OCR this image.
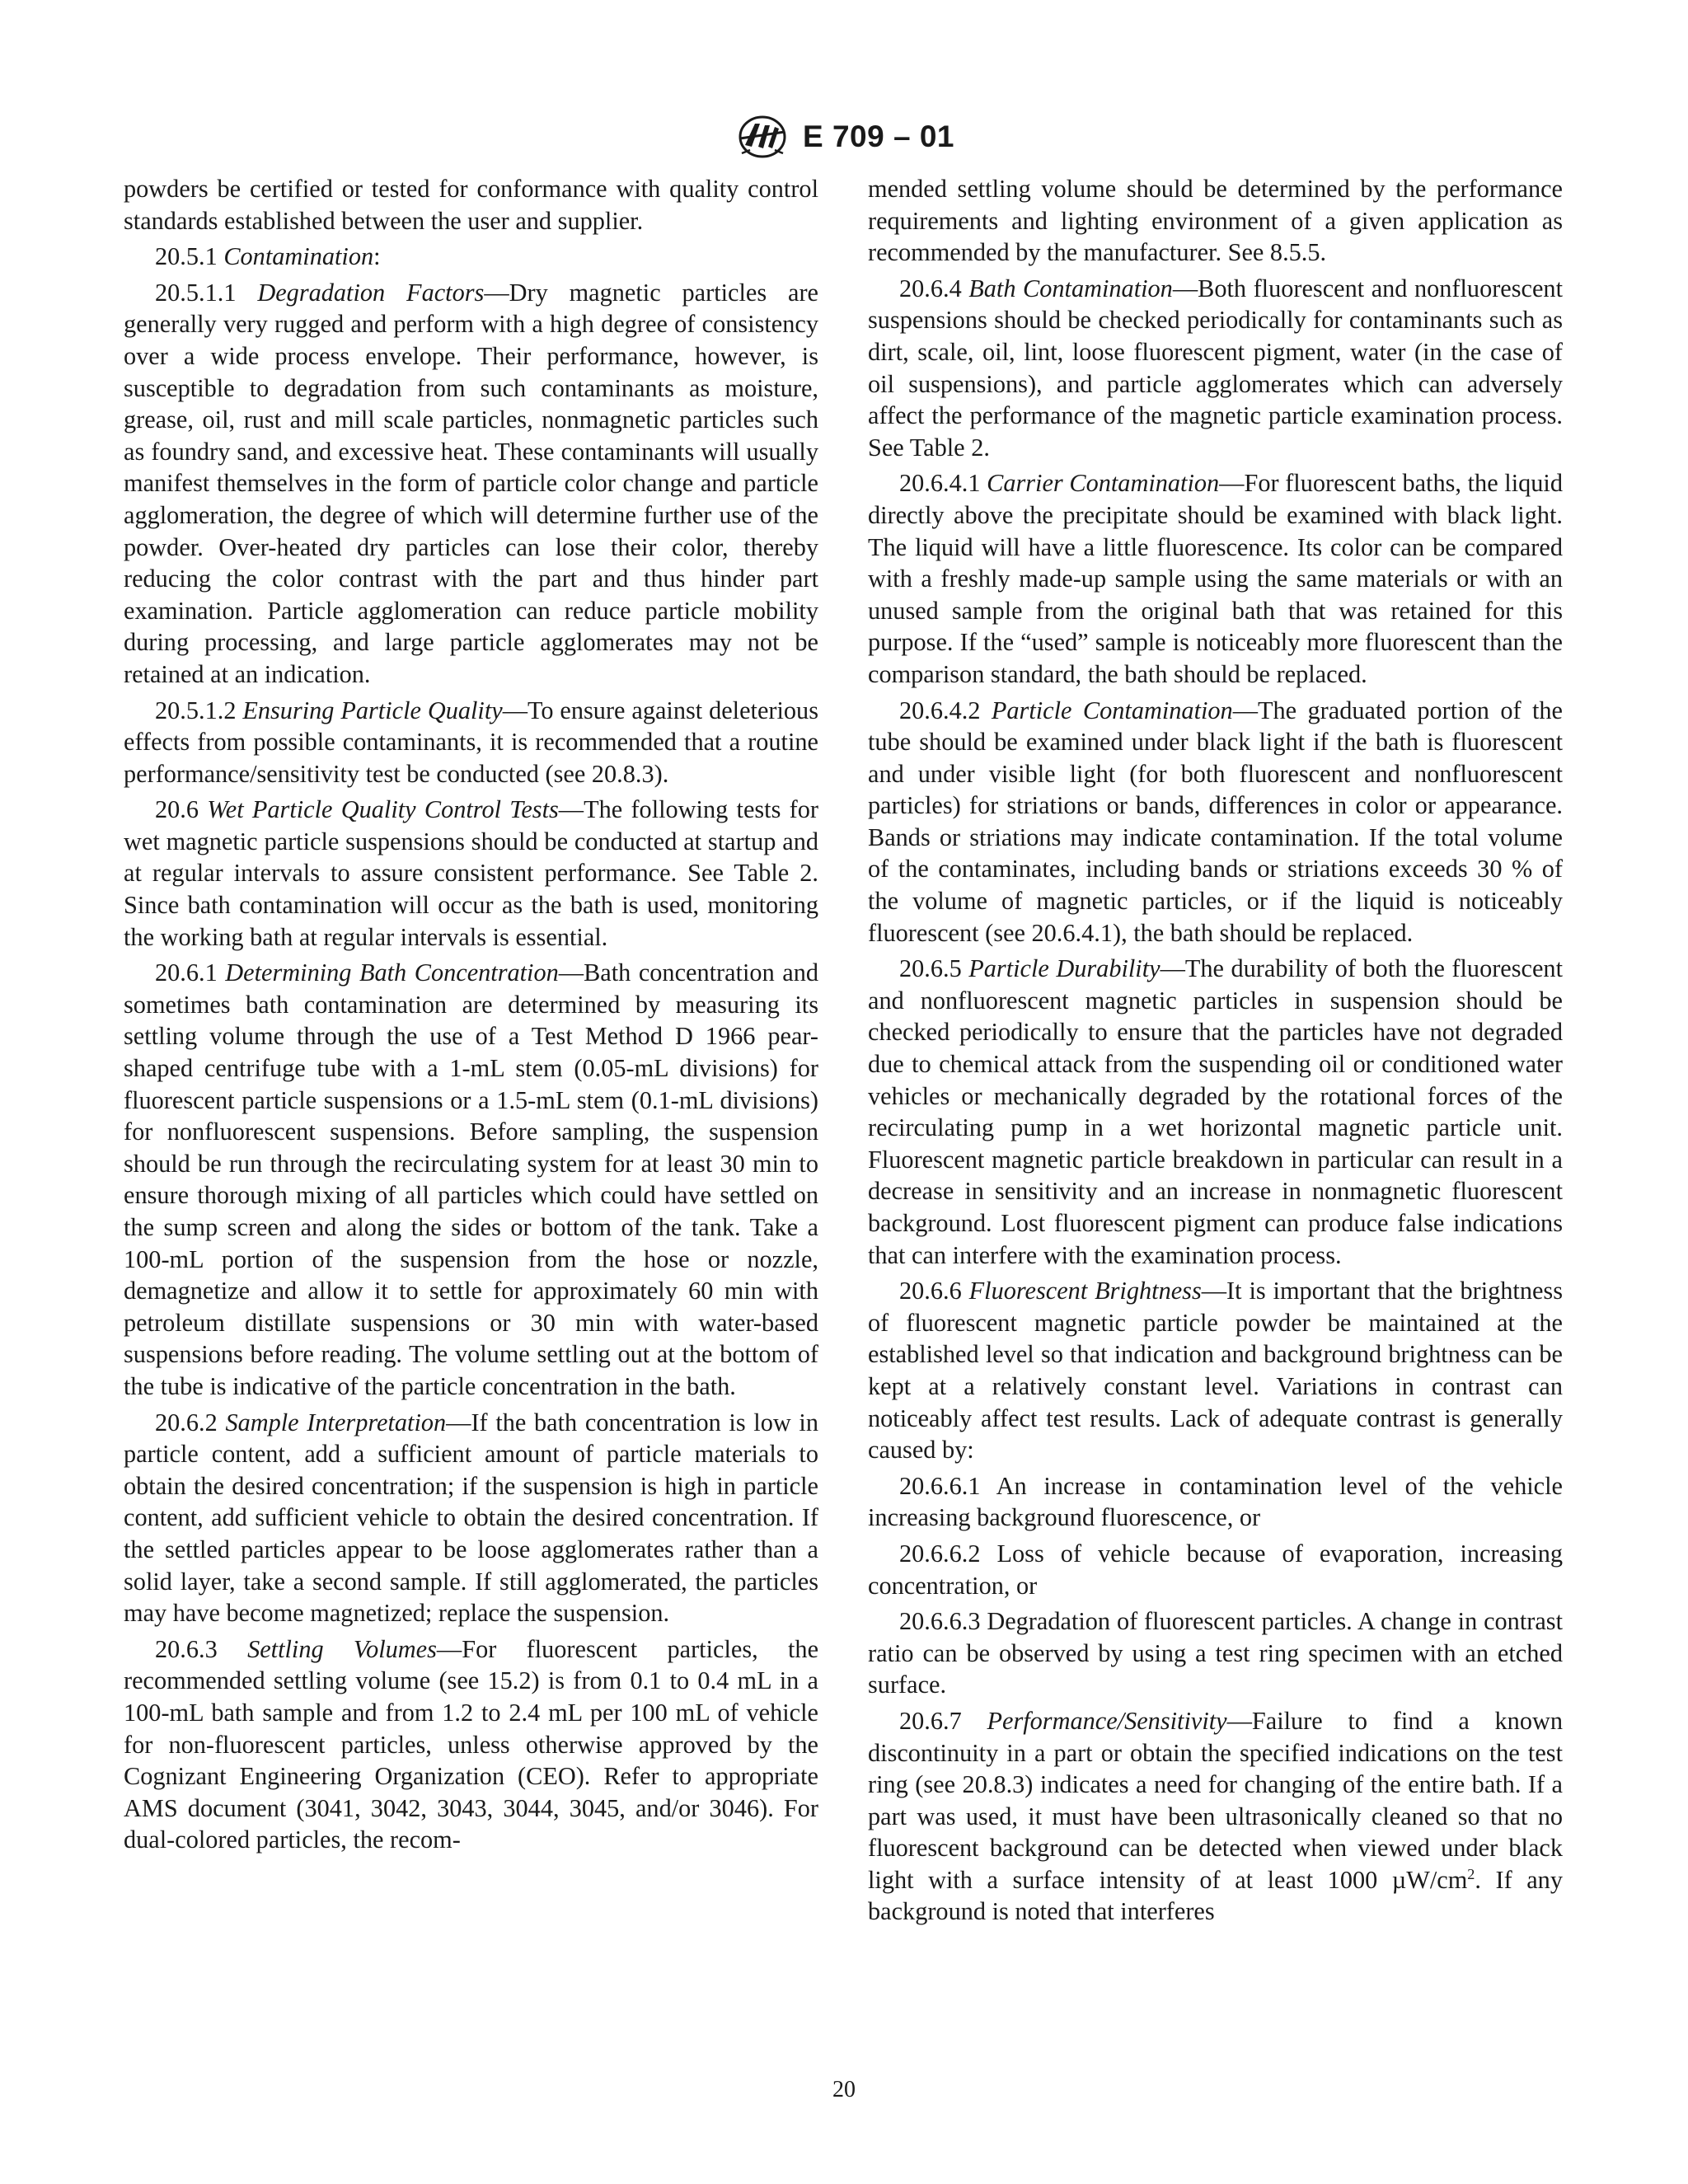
E 709 – 01

powders be certified or tested for conformance with quality control standards established between the user and supplier.

20.5.1 Contamination:

20.5.1.1 Degradation Factors—Dry magnetic particles are generally very rugged and perform with a high degree of consistency over a wide process envelope. Their performance, however, is susceptible to degradation from such contaminants as moisture, grease, oil, rust and mill scale particles, nonmagnetic particles such as foundry sand, and excessive heat. These contaminants will usually manifest themselves in the form of particle color change and particle agglomeration, the degree of which will determine further use of the powder. Over-heated dry particles can lose their color, thereby reducing the color contrast with the part and thus hinder part examination. Particle agglomeration can reduce particle mobility during processing, and large particle agglomerates may not be retained at an indication.

20.5.1.2 Ensuring Particle Quality—To ensure against deleterious effects from possible contaminants, it is recommended that a routine performance/sensitivity test be conducted (see 20.8.3).

20.6 Wet Particle Quality Control Tests—The following tests for wet magnetic particle suspensions should be conducted at startup and at regular intervals to assure consistent performance. See Table 2. Since bath contamination will occur as the bath is used, monitoring the working bath at regular intervals is essential.

20.6.1 Determining Bath Concentration—Bath concentration and sometimes bath contamination are determined by measuring its settling volume through the use of a Test Method D 1966 pear-shaped centrifuge tube with a 1-mL stem (0.05-mL divisions) for fluorescent particle suspensions or a 1.5-mL stem (0.1-mL divisions) for nonfluorescent suspensions. Before sampling, the suspension should be run through the recirculating system for at least 30 min to ensure thorough mixing of all particles which could have settled on the sump screen and along the sides or bottom of the tank. Take a 100-mL portion of the suspension from the hose or nozzle, demagnetize and allow it to settle for approximately 60 min with petroleum distillate suspensions or 30 min with water-based suspensions before reading. The volume settling out at the bottom of the tube is indicative of the particle concentration in the bath.

20.6.2 Sample Interpretation—If the bath concentration is low in particle content, add a sufficient amount of particle materials to obtain the desired concentration; if the suspension is high in particle content, add sufficient vehicle to obtain the desired concentration. If the settled particles appear to be loose agglomerates rather than a solid layer, take a second sample. If still agglomerated, the particles may have become magnetized; replace the suspension.

20.6.3 Settling Volumes—For fluorescent particles, the recommended settling volume (see 15.2) is from 0.1 to 0.4 mL in a 100-mL bath sample and from 1.2 to 2.4 mL per 100 mL of vehicle for non-fluorescent particles, unless otherwise approved by the Cognizant Engineering Organization (CEO). Refer to appropriate AMS document (3041, 3042, 3043, 3044, 3045, and/or 3046). For dual-colored particles, the recom-

mended settling volume should be determined by the performance requirements and lighting environment of a given application as recommended by the manufacturer. See 8.5.5.

20.6.4 Bath Contamination—Both fluorescent and nonfluorescent suspensions should be checked periodically for contaminants such as dirt, scale, oil, lint, loose fluorescent pigment, water (in the case of oil suspensions), and particle agglomerates which can adversely affect the performance of the magnetic particle examination process. See Table 2.

20.6.4.1 Carrier Contamination—For fluorescent baths, the liquid directly above the precipitate should be examined with black light. The liquid will have a little fluorescence. Its color can be compared with a freshly made-up sample using the same materials or with an unused sample from the original bath that was retained for this purpose. If the “used” sample is noticeably more fluorescent than the comparison standard, the bath should be replaced.

20.6.4.2 Particle Contamination—The graduated portion of the tube should be examined under black light if the bath is fluorescent and under visible light (for both fluorescent and nonfluorescent particles) for striations or bands, differences in color or appearance. Bands or striations may indicate contamination. If the total volume of the contaminates, including bands or striations exceeds 30 % of the volume of magnetic particles, or if the liquid is noticeably fluorescent (see 20.6.4.1), the bath should be replaced.

20.6.5 Particle Durability—The durability of both the fluorescent and nonfluorescent magnetic particles in suspension should be checked periodically to ensure that the particles have not degraded due to chemical attack from the suspending oil or conditioned water vehicles or mechanically degraded by the rotational forces of the recirculating pump in a wet horizontal magnetic particle unit. Fluorescent magnetic particle breakdown in particular can result in a decrease in sensitivity and an increase in nonmagnetic fluorescent background. Lost fluorescent pigment can produce false indications that can interfere with the examination process.

20.6.6 Fluorescent Brightness—It is important that the brightness of fluorescent magnetic particle powder be maintained at the established level so that indication and background brightness can be kept at a relatively constant level. Variations in contrast can noticeably affect test results. Lack of adequate contrast is generally caused by:

20.6.6.1 An increase in contamination level of the vehicle increasing background fluorescence, or

20.6.6.2 Loss of vehicle because of evaporation, increasing concentration, or

20.6.6.3 Degradation of fluorescent particles. A change in contrast ratio can be observed by using a test ring specimen with an etched surface.

20.6.7 Performance/Sensitivity—Failure to find a known discontinuity in a part or obtain the specified indications on the test ring (see 20.8.3) indicates a need for changing of the entire bath. If a part was used, it must have been ultrasonically cleaned so that no fluorescent background can be detected when viewed under black light with a surface intensity of at least 1000 $\mu W/cm^2$. If any background is noted that interferes

20
